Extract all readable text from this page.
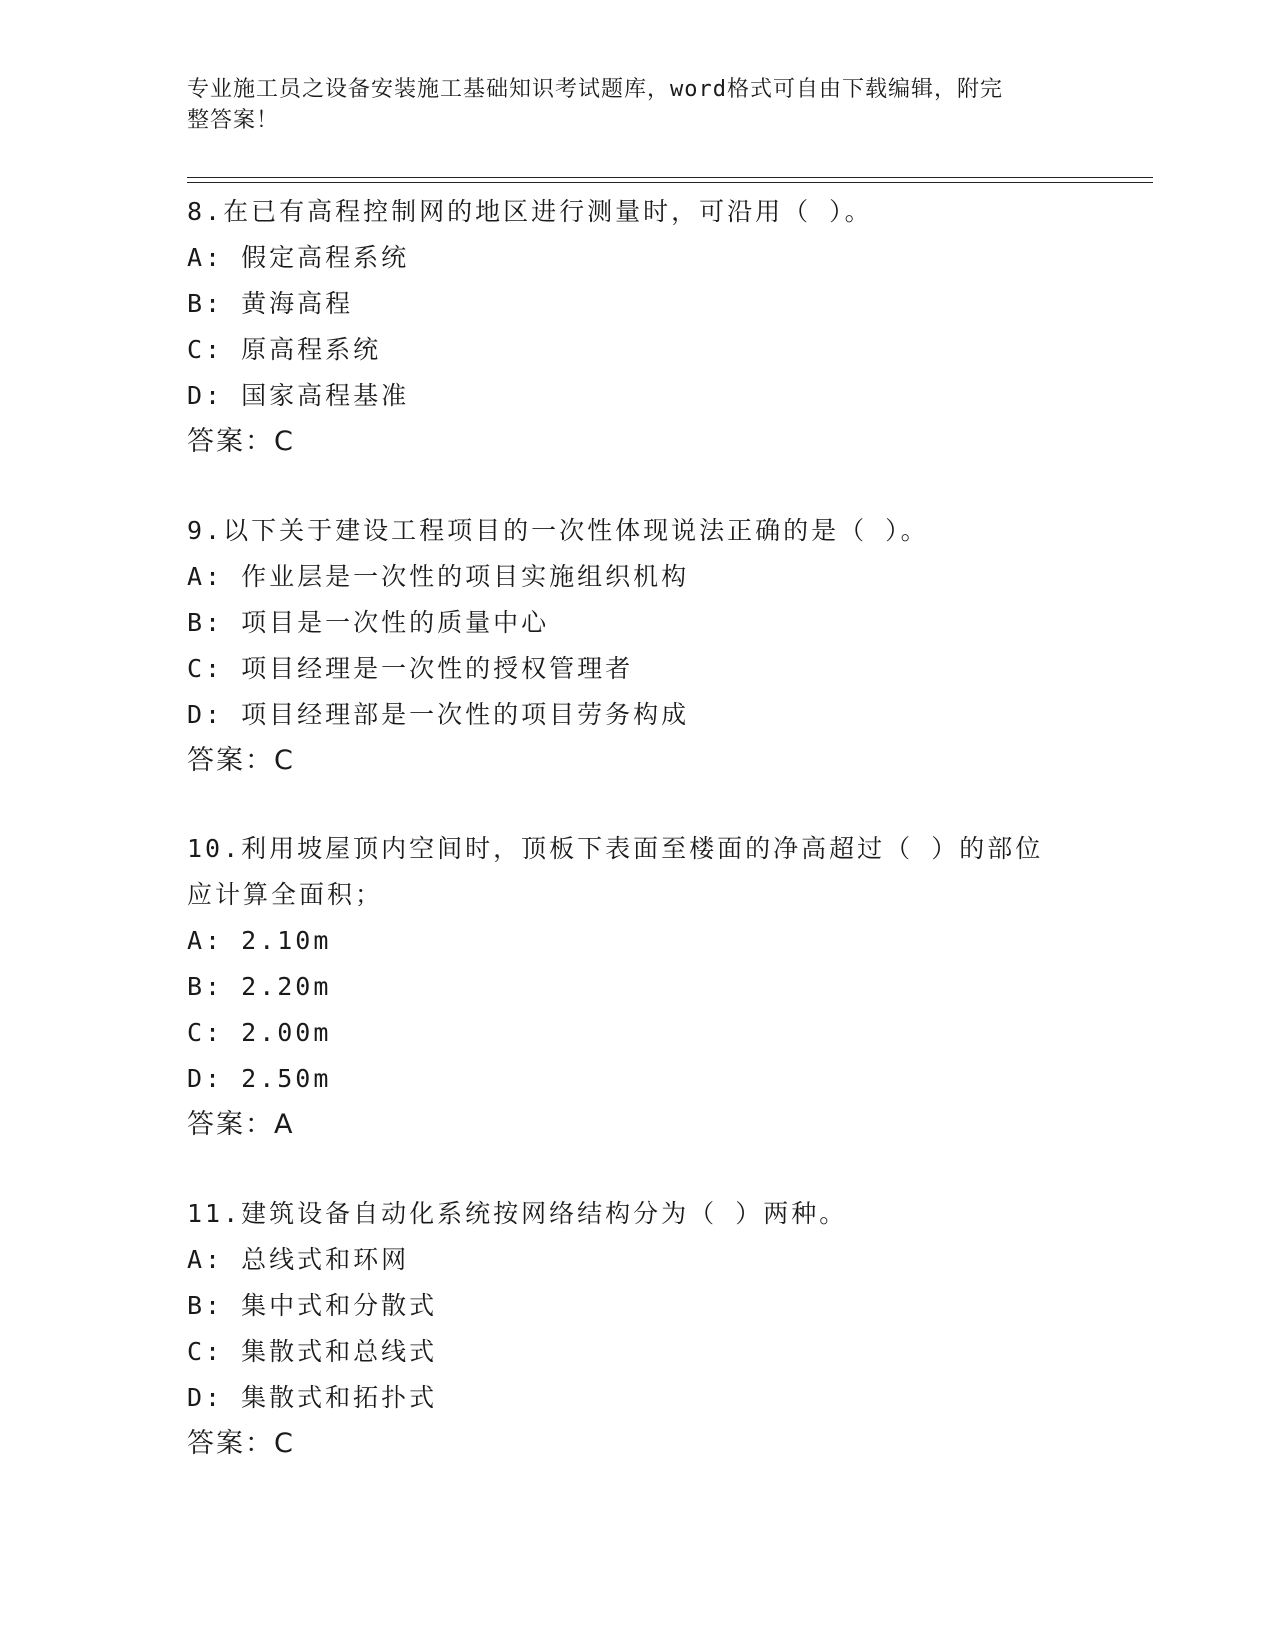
专业施工员之设备安装施工基础知识考试题库，word格式可自由下载编辑，附完
整答案！
8.在已有高程控制网的地区进行测量时，可沿用（ ）。
A: 假定高程系统
B: 黄海高程
C: 原高程系统
D: 国家高程基准
答案：C
9.以下关于建设工程项目的一次性体现说法正确的是（ ）。
A: 作业层是一次性的项目实施组织机构
B: 项目是一次性的质量中心
C: 项目经理是一次性的授权管理者
D: 项目经理部是一次性的项目劳务构成
答案：C
10.利用坡屋顶内空间时，顶板下表面至楼面的净高超过（ ）的部位
应计算全面积；
A: 2.10m
B: 2.20m
C: 2.00m
D: 2.50m
答案：A
11.建筑设备自动化系统按网络结构分为（ ）两种。
A: 总线式和环网
B: 集中式和分散式
C: 集散式和总线式
D: 集散式和拓扑式
答案：C
